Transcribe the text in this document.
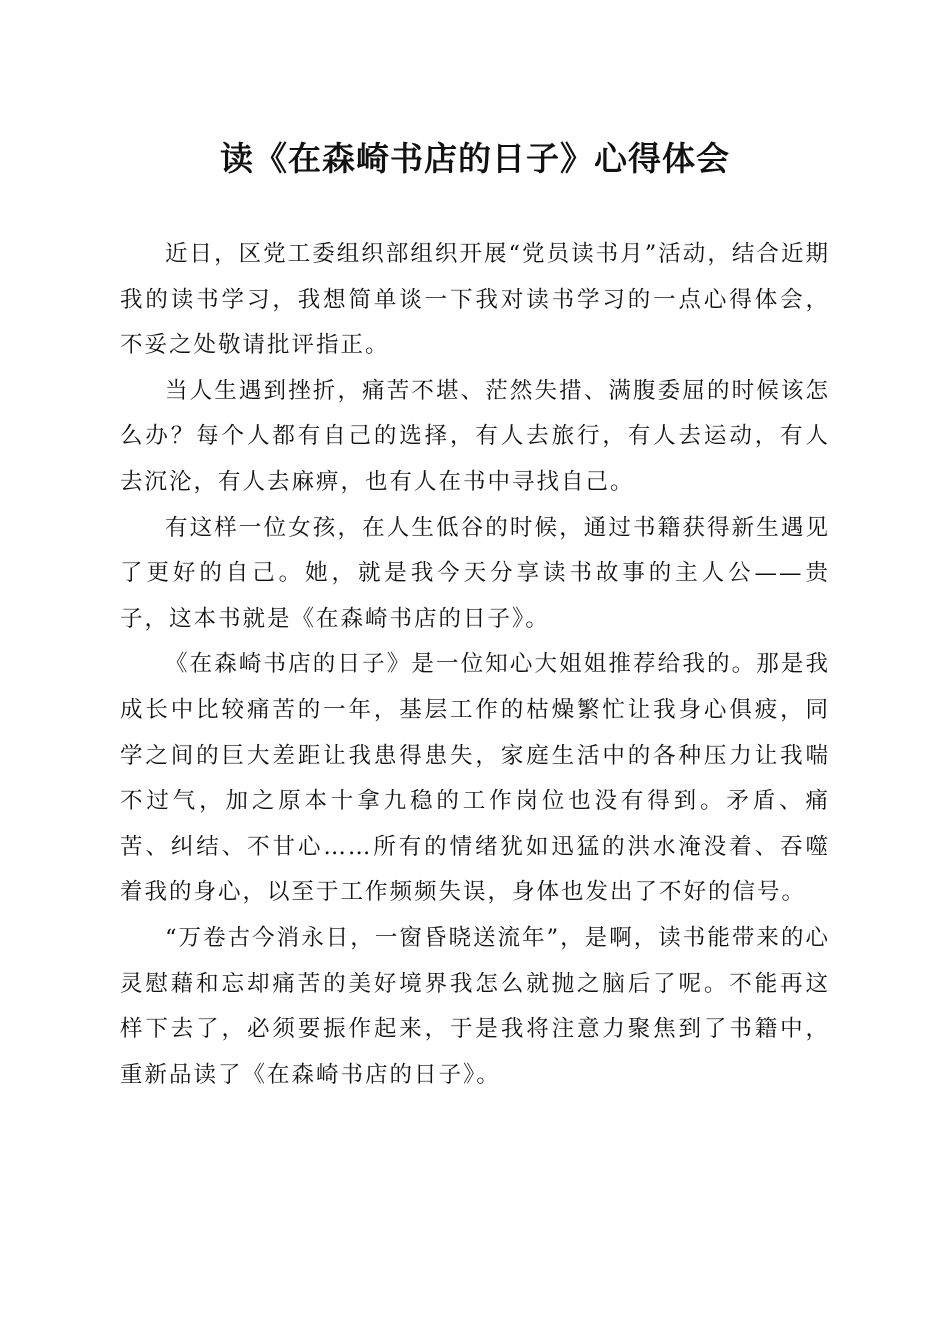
读《在森崎书店的日子》心得体会

近日，区党工委组织部组织开展“党员读书月”活动，结合近期我的读书学习，我想简单谈一下我对读书学习的一点心得体会，不妥之处敬请批评指正。

当人生遇到挫折，痛苦不堪、茫然失措、满腹委屈的时候该怎么办？每个人都有自己的选择，有人去旅行，有人去运动，有人去沉沦，有人去麻痹，也有人在书中寻找自己。

有这样一位女孩，在人生低谷的时候，通过书籍获得新生遇见了更好的自己。她，就是我今天分享读书故事的主人公——贵子，这本书就是《在森崎书店的日子》。

《在森崎书店的日子》是一位知心大姐姐推荐给我的。那是我成长中比较痛苦的一年，基层工作的枯燥繁忙让我身心俱疲，同学之间的巨大差距让我患得患失，家庭生活中的各种压力让我喘不过气，加之原本十拿九稳的工作岗位也没有得到。矛盾、痛苦、纠结、不甘心……所有的情绪犹如迅猛的洪水淹没着、吞噬着我的身心，以至于工作频频失误，身体也发出了不好的信号。

“万卷古今消永日，一窗昏晓送流年”，是啊，读书能带来的心灵慰藉和忘却痛苦的美好境界我怎么就抛之脑后了呢。不能再这样下去了，必须要振作起来，于是我将注意力聚焦到了书籍中，重新品读了《在森崎书店的日子》。
